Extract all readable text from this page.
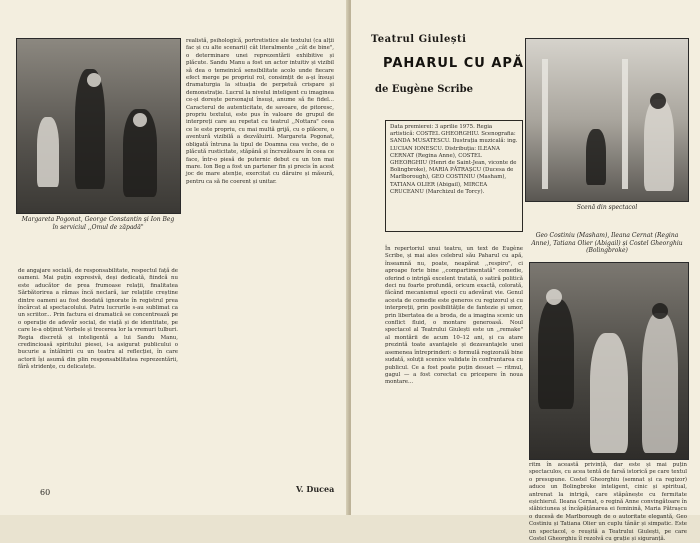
Margareta Pogonat, George Constantin și Ion Beg în serviciul ,,Omul de zăpadă"
realistă, psihologică, portretistice ale textului (ca alții fac și cu alte scenarii) cât literalmente ,,cât de bine", o determinare unei reprezentării exhibitive și plăcute. Sandu Manu a fost un actor intuitiv și vizibil să dea o temeinică sensibilitate acolo unde fiecare efect merge pe propriul rol, consimțit de a-și însuși dramaturgia la situația de perpetuă crispare și demonstrație. Lucrul la nivelul inteligent cu imaginea ce-și dorește personajul însuși, anume să fie fidel... Caracterul de autenticitate, de savoare, de pitoresc, propriu textului, este pus în valoare de grupul de interpreți care au repetat cu teatrul ,,Nottara" ceea ce le este propriu, cu mai multă grijă, cu o plăcere, o aventură vizibilă a dezvăluirii. Margareta Pogonat, obligată întruna la tipul de Doamna cea veche, de o plăcută rusticitate, stăpână și încrezătoare în ceea ce face, într-o piesă de puternic debut cu un ton mai mare. Ion Beg a fost un partener fin și precis în acest joc de mare atenție, exercitat cu dăruire și măsură, pentru ca să fie coerent și unitar.
de angajare socială, de responsabilitate, respectul față de oameni. Mai puțin expresivă, deși dedicată, fiindcă nu este aducător de prea frumoase relații, finalitatea Sărbătorirea a rămas încă neclară, iar relațiile creștine dintre oameni au fost deodată ignorate în registrul prea încărcat al spectacolului. Patru lucrurile s-au sublimat ca un scriitor... Prin factura ei dramatică se concentrează pe o operație de adevăr social, de viață și de identitate, pe care le-a obținut Vorbele și trecerea lor la vremuri tulburi. Regia discretă și inteligentă a lui Sandu Manu, credincioasă spiritului piesei, i-a asigurat publicului o bucurie a întâlnirii cu un teatru al reflecției, în care actorii își asumă din plin responsabilitatea reprezentării, fără stridențe, cu delicatețe.
V. Ducea
60
Teatrul Giulești
PAHARUL CU APĂ
de Eugène Scribe
Data premierei: 3 aprilie 1975. Regia artistică: COSTEL GHEORGHIU. Scenografia: SANDA MUSATESCU. Ilustrația muzicală: ing. LUCIAN IONESCU. Distribuția: ILEANA CERNAT (Regina Anne), COSTEL GHEORGHIU (Henri de Saint-Jean, viconte de Bolingbroke), MARIA PĂTRAȘCU (Ducesa de Marlborough), GEO COSTINIU (Masham), TATIANA OLIER (Abigail), MIRCEA CRUCEANU (Marchizul de Torcy).
Scenă din spectacol
În repertoriul unui teatru, un text de Eugène Scribe, și mai ales celebrul său Paharul cu apă, înseamnă nu, poate, neapărat ,,respiro", ci aproape forte bine ,,compartimentată" comedie, oferind o intrigă excelent tratată, o satiră politică deci nu foarte profundă, oricum exactă, colorată, făcând mecanismul epocii cu adevărat vie. Genul acesta de comedie este generos cu regizorul și cu interpreții, prin posibilitățile de fantezie și umor, prin libertatea de a broda, de a imagina scenic un conflict fluid, o montare generoasă. Noul spectacol al Teatrului Giulești este un ,,remake" al montării de acum 10–12 ani, și ca atare prezintă toate avantajele și dezavantajele unei asemenea întreprinderi: o formulă regizorală bine sudată, soluții scenice validate în confruntarea cu publicul. Ce a fost poate puțin desuet — ritmul, gagul — a fost corectat cu pricepere în noua montare...
Geo Costiniu (Masham), Ileana Cernat (Regina Anne), Tatiana Olier (Abigail) și Costel Gheorghiu (Bolingbroke)
ritm în această privință, dar este și mai puțin spectaculos, cu acea tentă de farsă istorică pe care textul o presupune. Costel Gheorghiu (semnat și ca regizor) aduce un Bolingbroke inteligent, cinic și spiritual, antrenat la intrigă, care stăpânește cu fermitate eșichierul. Ileana Cernat, o regină Anne convingătoare în slăbiciunea și încăpățânarea ei feminină, Maria Pătrașcu o ducesă de Marlborough de o autoritate elegantă, Geo Costiniu și Tatiana Olier un cuplu tânăr și simpatic. Este un spectacol, o reușită a Teatrului Giulești, pe care Costel Gheorghiu îl rezolvă cu grație și siguranță.
